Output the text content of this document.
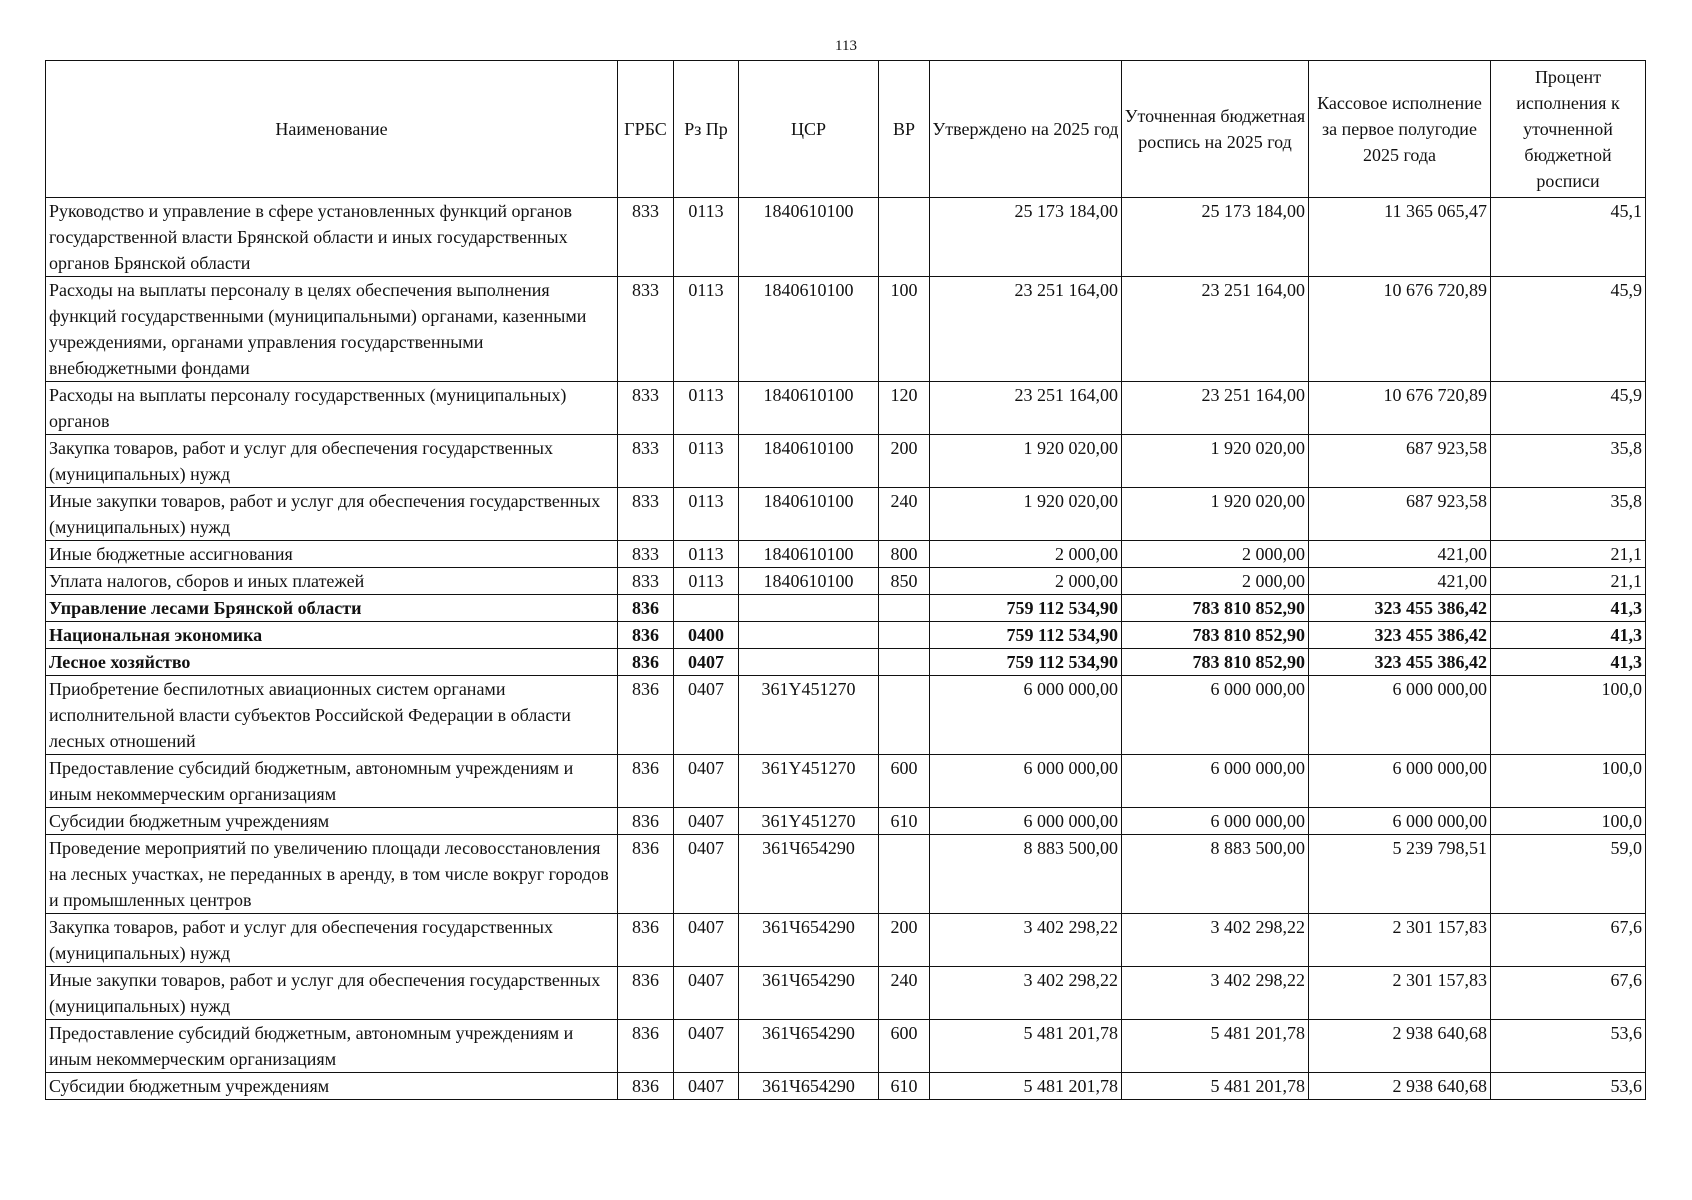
113
Наименование	ГРБС	Рз Пр	ЦСР	ВР	Утверждено на 2025 год	Уточненная бюджетная роспись на 2025 год	Кассовое исполнение за первое полугодие 2025 года	Процент исполнения к уточненной бюджетной росписи
Руководство и управление в сфере установленных функций органов государственной власти Брянской области и иных государственных органов Брянской области	833	0113	1840610100		25 173 184,00	25 173 184,00	11 365 065,47	45,1
Расходы на выплаты персоналу в целях обеспечения выполнения функций государственными (муниципальными) органами, казенными учреждениями, органами управления государственными внебюджетными фондами	833	0113	1840610100	100	23 251 164,00	23 251 164,00	10 676 720,89	45,9
Расходы на выплаты персоналу государственных (муниципальных) органов	833	0113	1840610100	120	23 251 164,00	23 251 164,00	10 676 720,89	45,9
Закупка товаров, работ и услуг для обеспечения государственных (муниципальных) нужд	833	0113	1840610100	200	1 920 020,00	1 920 020,00	687 923,58	35,8
Иные закупки товаров, работ и услуг для обеспечения государственных (муниципальных) нужд	833	0113	1840610100	240	1 920 020,00	1 920 020,00	687 923,58	35,8
Иные бюджетные ассигнования	833	0113	1840610100	800	2 000,00	2 000,00	421,00	21,1
Уплата налогов, сборов и иных платежей	833	0113	1840610100	850	2 000,00	2 000,00	421,00	21,1
Управление лесами Брянской области	836				759 112 534,90	783 810 852,90	323 455 386,42	41,3
Национальная экономика	836	0400			759 112 534,90	783 810 852,90	323 455 386,42	41,3
Лесное хозяйство	836	0407			759 112 534,90	783 810 852,90	323 455 386,42	41,3
Приобретение беспилотных авиационных систем органами исполнительной власти субъектов Российской Федерации в области лесных отношений	836	0407	361Y451270		6 000 000,00	6 000 000,00	6 000 000,00	100,0
Предоставление субсидий бюджетным, автономным учреждениям и иным некоммерческим организациям	836	0407	361Y451270	600	6 000 000,00	6 000 000,00	6 000 000,00	100,0
Субсидии бюджетным учреждениям	836	0407	361Y451270	610	6 000 000,00	6 000 000,00	6 000 000,00	100,0
Проведение мероприятий по увеличению площади лесовосстановления на лесных участках, не переданных в аренду, в том числе вокруг городов и промышленных центров	836	0407	361Ч654290		8 883 500,00	8 883 500,00	5 239 798,51	59,0
Закупка товаров, работ и услуг для обеспечения государственных (муниципальных) нужд	836	0407	361Ч654290	200	3 402 298,22	3 402 298,22	2 301 157,83	67,6
Иные закупки товаров, работ и услуг для обеспечения государственных (муниципальных) нужд	836	0407	361Ч654290	240	3 402 298,22	3 402 298,22	2 301 157,83	67,6
Предоставление субсидий бюджетным, автономным учреждениям и иным некоммерческим организациям	836	0407	361Ч654290	600	5 481 201,78	5 481 201,78	2 938 640,68	53,6
Субсидии бюджетным учреждениям	836	0407	361Ч654290	610	5 481 201,78	5 481 201,78	2 938 640,68	53,6
